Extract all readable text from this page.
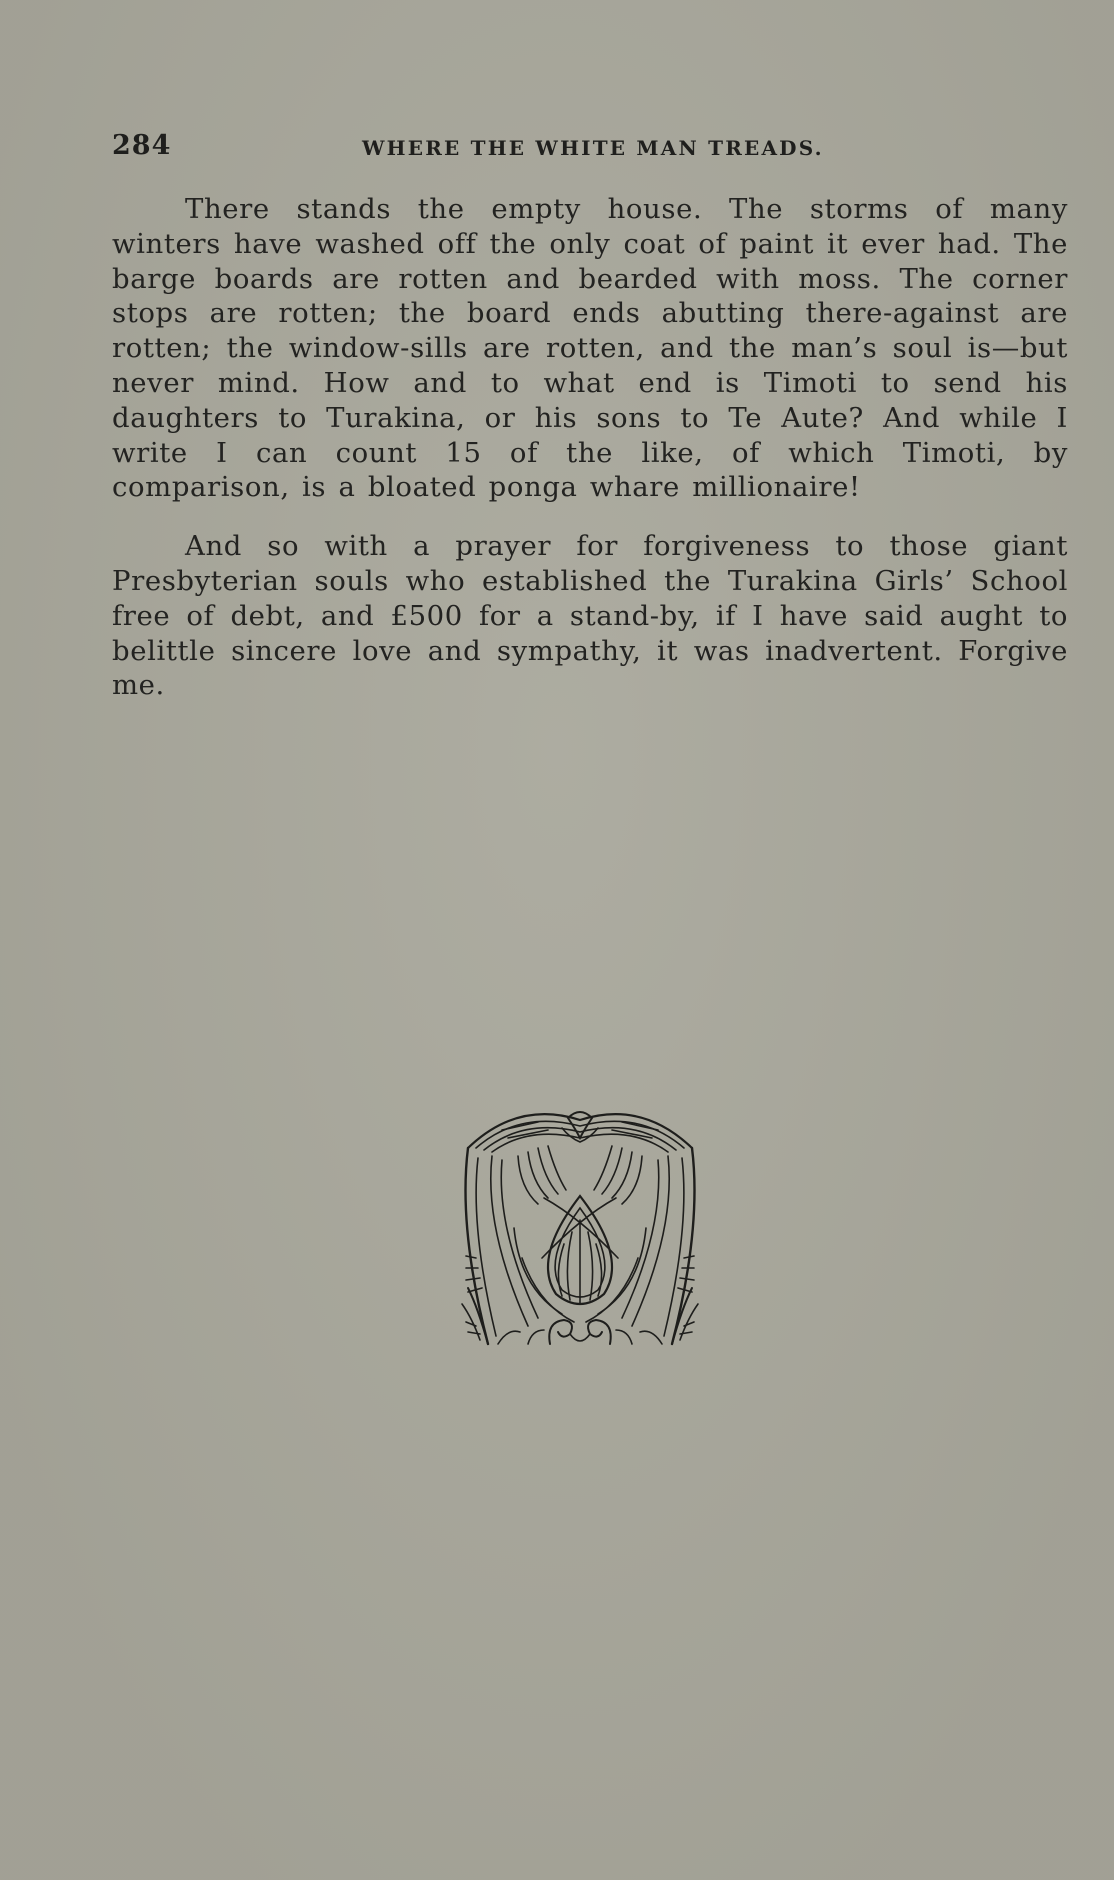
284	WHERE THE WHITE MAN TREADS.

There stands the empty house. The storms of many winters have washed off the only coat of paint it ever had. The barge boards are rotten and bearded with moss. The corner stops are rotten; the board ends abutting there-against are rotten; the window-sills are rotten, and the man’s soul is—but never mind. How and to what end is Timoti to send his daughters to Turakina, or his sons to Te Aute? And while I write I can count 15 of the like, of which Timoti, by comparison, is a bloated ponga whare millionaire!

And so with a prayer for forgiveness to those giant Presbyterian souls who established the Turakina Girls’ School free of debt, and £500 for a stand-by, if I have said aught to belittle sincere love and sympathy, it was inadvertent. Forgive me.
